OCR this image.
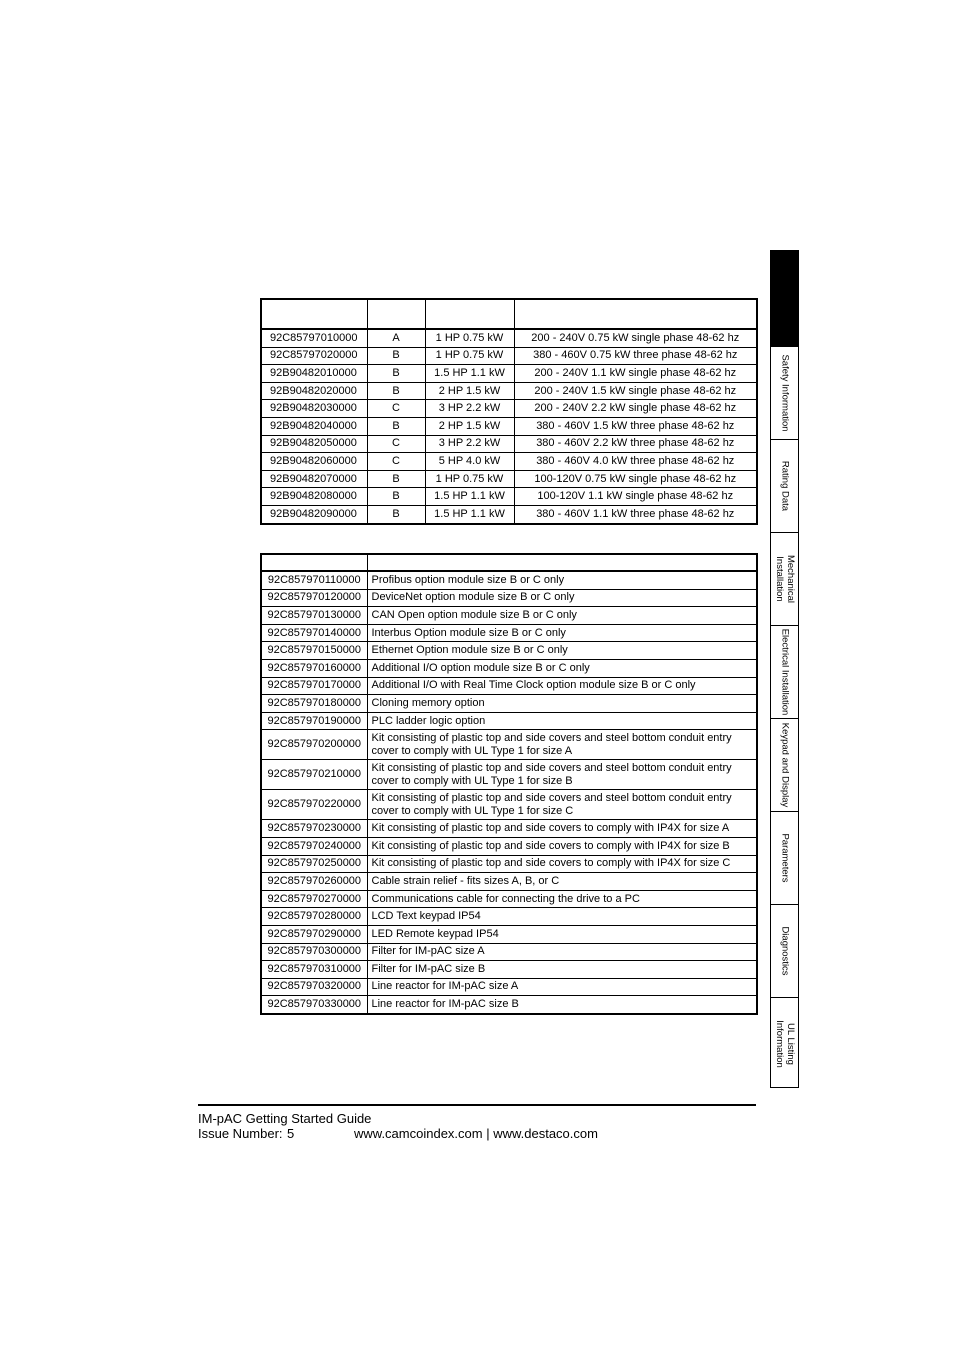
92C85797010000	A	1 HP 0.75 kW	200 - 240V 0.75 kW single phase 48-62 hz
92C85797020000	B	1 HP 0.75 kW	380 - 460V 0.75 kW three phase 48-62 hz
92B90482010000	B	1.5 HP 1.1 kW	200 - 240V 1.1 kW single phase 48-62 hz
92B90482020000	B	2 HP 1.5 kW	200 - 240V 1.5 kW single phase 48-62 hz
92B90482030000	C	3 HP 2.2 kW	200 - 240V 2.2 kW single phase 48-62 hz
92B90482040000	B	2 HP 1.5 kW	380 - 460V 1.5 kW three phase 48-62 hz
92B90482050000	C	3 HP 2.2 kW	380 - 460V 2.2 kW three phase 48-62 hz
92B90482060000	C	5 HP 4.0 kW	380 - 460V 4.0 kW three phase 48-62 hz
92B90482070000	B	1 HP 0.75 kW	100-120V 0.75 kW single phase 48-62 hz
92B90482080000	B	1.5 HP 1.1 kW	100-120V 1.1 kW single phase 48-62 hz
92B90482090000	B	1.5 HP 1.1 kW	380 - 460V 1.1 kW three phase 48-62 hz

92C857970110000	Profibus option module size B or C only
92C857970120000	DeviceNet option module size B or C only
92C857970130000	CAN Open option module size B or C only
92C857970140000	Interbus Option module size B or C only
92C857970150000	Ethernet Option module size B or C only
92C857970160000	Additional I/O option module size B or C only
92C857970170000	Additional I/O with Real Time Clock option module size B or C only
92C857970180000	Cloning memory option
92C857970190000	PLC ladder logic option
92C857970200000	Kit consisting of plastic top and side covers and steel bottom conduit entry cover to comply with UL Type 1 for size A
92C857970210000	Kit consisting of plastic top and side covers and steel bottom conduit entry cover to comply with UL Type 1 for size B
92C857970220000	Kit consisting of plastic top and side covers and steel bottom conduit entry cover to comply with UL Type 1 for size C
92C857970230000	Kit consisting of plastic top and side covers to comply with IP4X for size A
92C857970240000	Kit consisting of plastic top and side covers to comply with IP4X for size B
92C857970250000	Kit consisting of plastic top and side covers to comply with IP4X for size C
92C857970260000	Cable strain relief - fits sizes A, B, or C
92C857970270000	Communications cable for connecting the drive to a PC
92C857970280000	LCD Text keypad IP54
92C857970290000	LED Remote keypad IP54
92C857970300000	Filter for IM-pAC size A
92C857970310000	Filter for IM-pAC size B
92C857970320000	Line reactor for IM-pAC size A
92C857970330000	Line reactor for IM-pAC size B
Safety Information
Rating Data
Mechanical
Installation
Electrical Installation
Keypad and Display
Parameters
Diagnostics
UL Listing
Information
IM-pAC Getting Started Guide
Issue Number: 5	www.camcoindex.com | www.destaco.com
